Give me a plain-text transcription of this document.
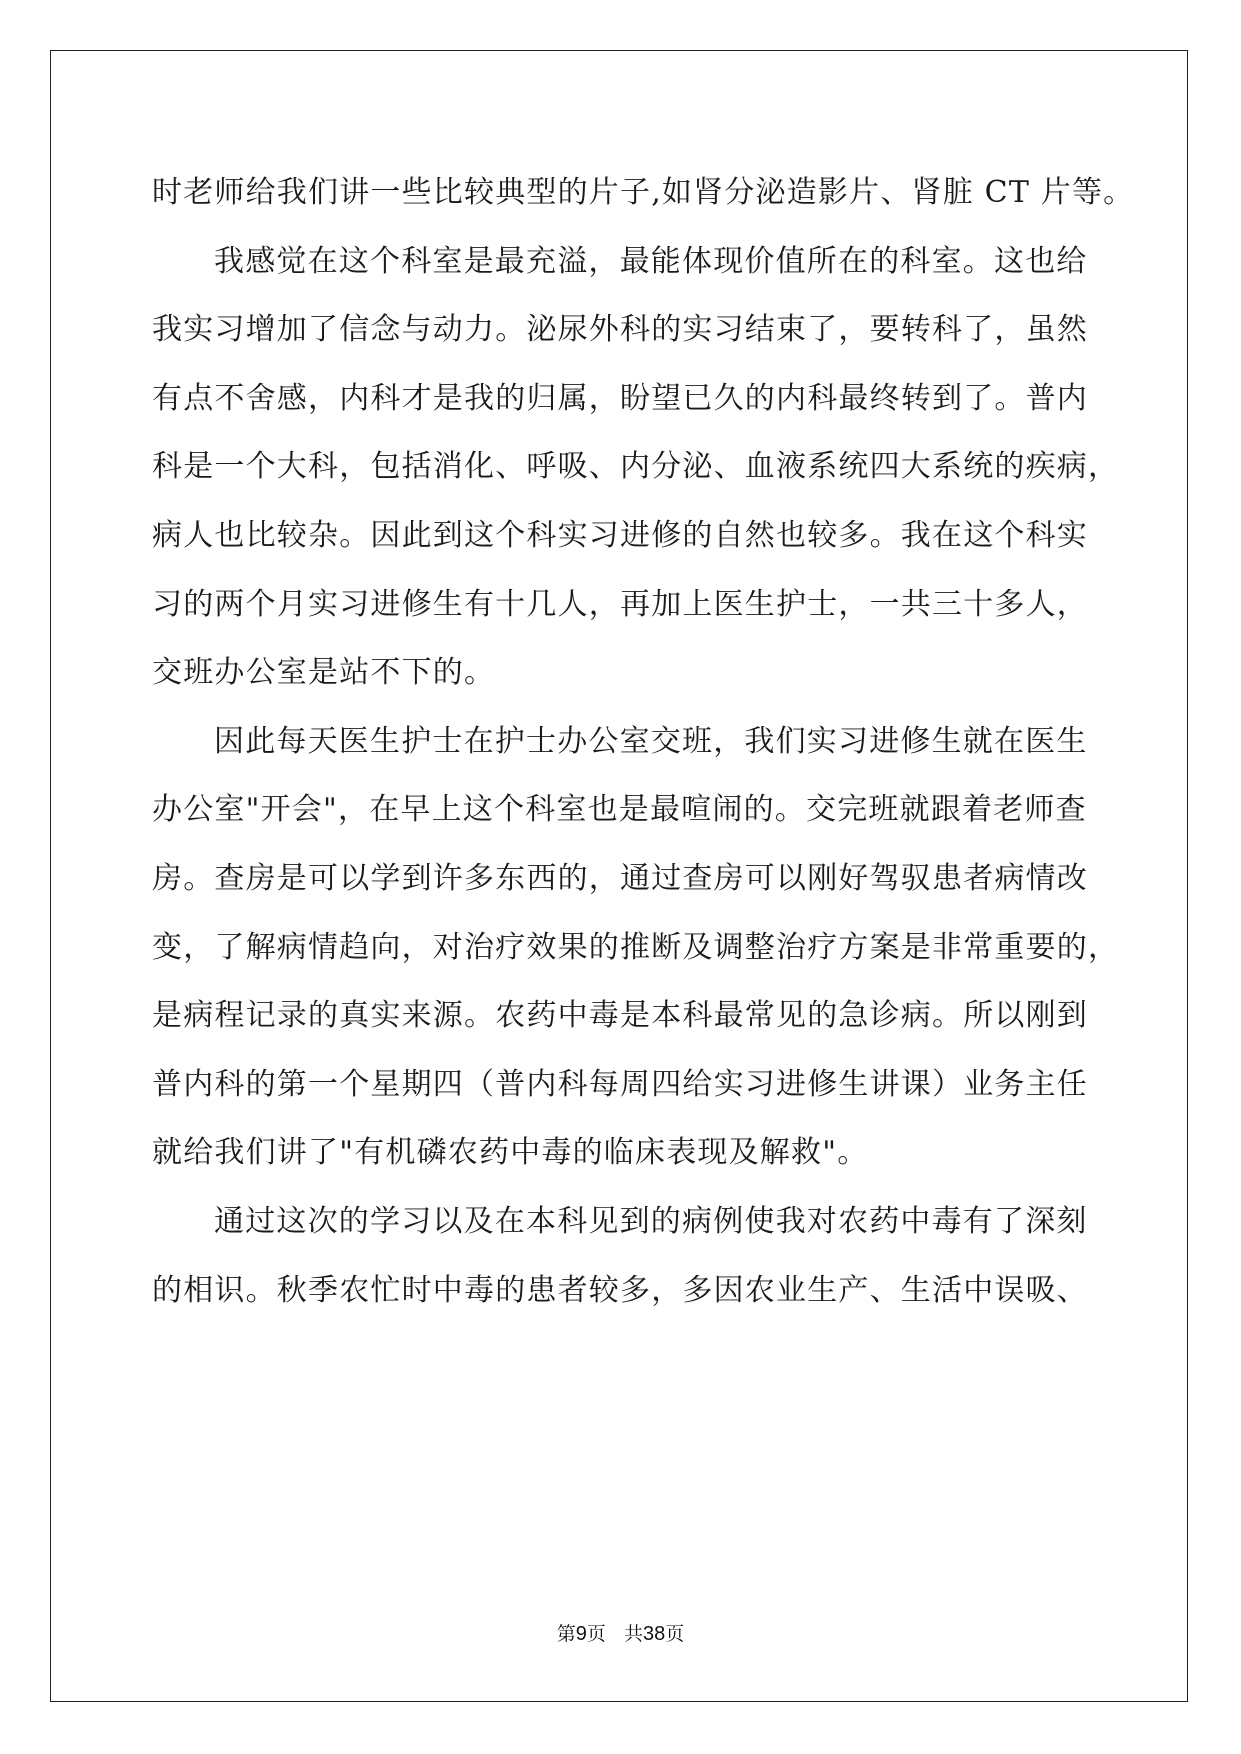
时老师给我们讲一些比较典型的片子,如肾分泌造影片、肾脏 CT 片等。

我感觉在这个科室是最充溢，最能体现价值所在的科室。这也给

我实习增加了信念与动力。泌尿外科的实习结束了，要转科了，虽然

有点不舍感，内科才是我的归属，盼望已久的内科最终转到了。普内

科是一个大科，包括消化、呼吸、内分泌、血液系统四大系统的疾病，

病人也比较杂。因此到这个科实习进修的自然也较多。我在这个科实

习的两个月实习进修生有十几人，再加上医生护士，一共三十多人，

交班办公室是站不下的。

因此每天医生护士在护士办公室交班，我们实习进修生就在医生

办公室"开会"，在早上这个科室也是最喧闹的。交完班就跟着老师查

房。查房是可以学到许多东西的，通过查房可以刚好驾驭患者病情改

变，了解病情趋向，对治疗效果的推断及调整治疗方案是非常重要的，

是病程记录的真实来源。农药中毒是本科最常见的急诊病。所以刚到

普内科的第一个星期四（普内科每周四给实习进修生讲课）业务主任

就给我们讲了"有机磷农药中毒的临床表现及解救"。

通过这次的学习以及在本科见到的病例使我对农药中毒有了深刻

的相识。秋季农忙时中毒的患者较多，多因农业生产、生活中误吸、

第9页 共38页
